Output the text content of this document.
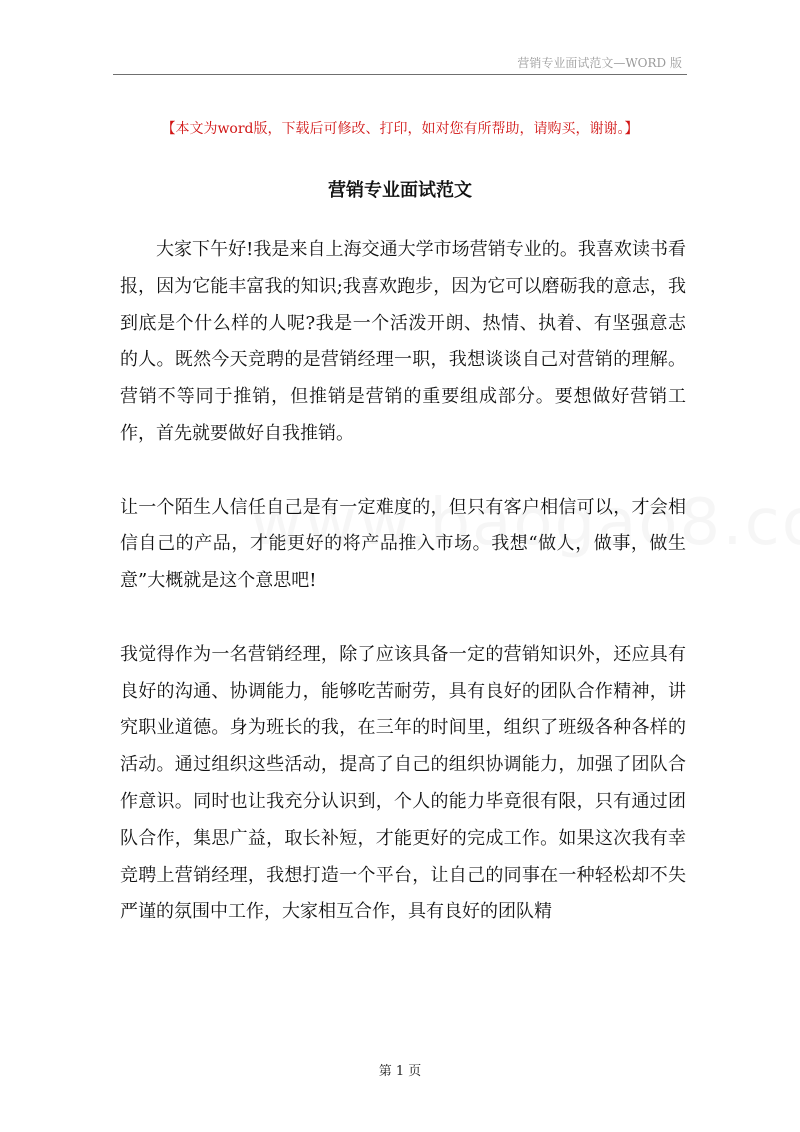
营销专业面试范文—WORD 版
【本文为word版，下载后可修改、打印，如对您有所帮助，请购买，谢谢。】
营销专业面试范文

大家下午好!我是来自上海交通大学市场营销专业的。我喜欢读书看报，因为它能丰富我的知识;我喜欢跑步，因为它可以磨砺我的意志，我到底是个什么样的人呢?我是一个活泼开朗、热情、执着、有坚强意志的人。既然今天竞聘的是营销经理一职，我想谈谈自己对营销的理解。营销不等同于推销，但推销是营销的重要组成部分。要想做好营销工作，首先就要做好自我推销。

让一个陌生人信任自己是有一定难度的，但只有客户相信可以，才会相信自己的产品，才能更好的将产品推入市场。我想“做人，做事，做生意”大概就是这个意思吧!

我觉得作为一名营销经理，除了应该具备一定的营销知识外，还应具有良好的沟通、协调能力，能够吃苦耐劳，具有良好的团队合作精神，讲究职业道德。身为班长的我，在三年的时间里，组织了班级各种各样的活动。通过组织这些活动，提高了自己的组织协调能力，加强了团队合作意识。同时也让我充分认识到，个人的能力毕竟很有限，只有通过团队合作，集思广益，取长补短，才能更好的完成工作。如果这次我有幸竞聘上营销经理，我想打造一个平台，让自己的同事在一种轻松却不失严谨的氛围中工作，大家相互合作，具有良好的团队精

第 1 页
